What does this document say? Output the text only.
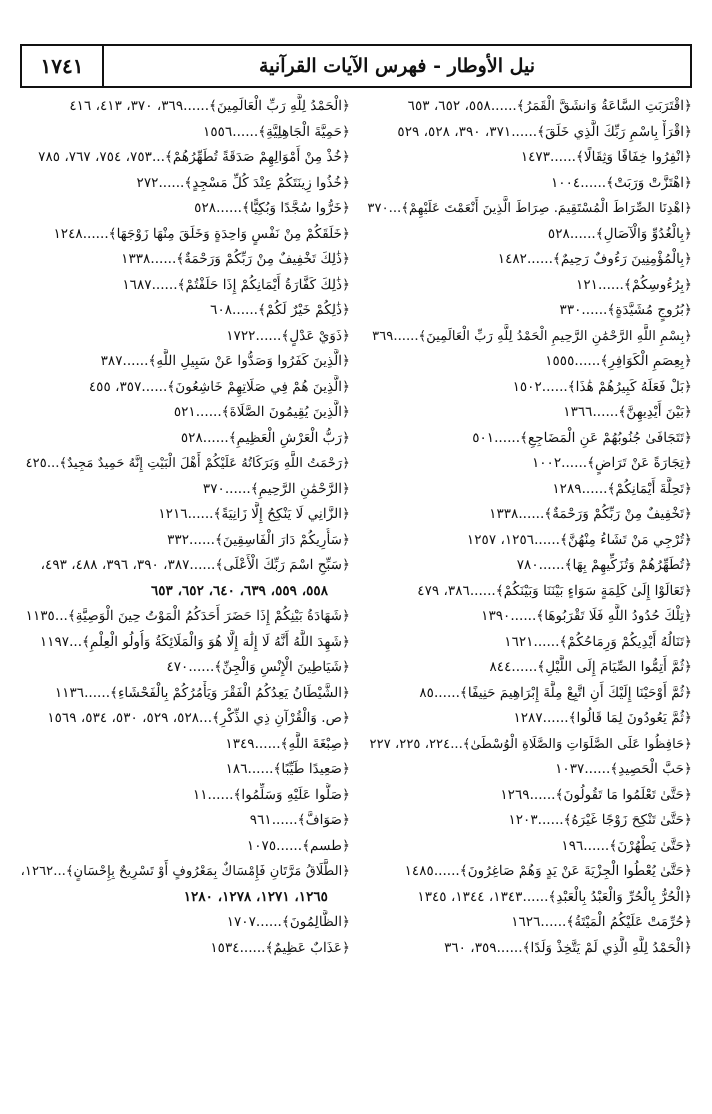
نيل الأوطار - فهرس الآيات القرآنية
١٧٤١
﴿اقْتَرَبَتِ السَّاعَةُ وَانشَقَّ الْقَمَرُ﴾......٥٥٨، ٦٥٢، ٦٥٣
﴿اقْرَأْ بِاسْمِ رَبِّكَ الَّذِي خَلَقَ﴾......٣٧١، ٣٩٠، ٥٢٨، ٥٢٩
﴿انْفِرُوا خِفَافًا وَثِقَالًا﴾......١٤٧٣
﴿اهْتَزَّتْ وَرَبَتْ﴾......١٠٠٤
﴿اهْدِنَا الصِّرَاطَ الْمُسْتَقِيمَ. صِرَاطَ الَّذِينَ أَنْعَمْتَ عَلَيْهِمْ﴾...٣٧٠
﴿بِالْغُدُوِّ وَالْآصَالِ﴾......٥٢٨
﴿بِالْمُؤْمِنِينَ رَءُوفٌ رَحِيمٌ﴾......١٤٨٢
﴿بِرُءُوسِكُمْ﴾......١٢١
﴿بُرُوجٍ مُشَيَّدَةٍ﴾......٣٣٠
﴿بِسْمِ اللَّهِ الرَّحْمَٰنِ الرَّحِيمِ الْحَمْدُ لِلَّهِ رَبِّ الْعَالَمِينَ﴾......٣٦٩
﴿بِعِصَمِ الْكَوَافِرِ﴾......١٥٥٥
﴿بَلْ فَعَلَهُ كَبِيرُهُمْ هَٰذَا﴾......١٥٠٢
﴿بَيْنَ أَيْدِيهِنَّ﴾......١٣٦٦
﴿تَتَجَافَىٰ جُنُوبُهُمْ عَنِ الْمَضَاجِعِ﴾......٥٠١
﴿تِجَارَةً عَنْ تَرَاضٍ﴾......١٠٠٢
﴿تَحِلَّةَ أَيْمَانِكُمْ﴾......١٢٨٩
﴿تَخْفِيفٌ مِنْ رَبِّكُمْ وَرَحْمَةٌ﴾......١٣٣٨
﴿تُرْجِي مَنْ تَشَاءُ مِنْهُنَّ﴾......١٢٥٦، ١٢٥٧
﴿تُطَهِّرُهُمْ وَتُزَكِّيهِمْ بِهَا﴾......٧٨٠
﴿تَعَالَوْا إِلَىٰ كَلِمَةٍ سَوَاءٍ بَيْنَنَا وَبَيْنَكُمْ﴾......٣٨٦، ٤٧٩
﴿تِلْكَ حُدُودُ اللَّهِ فَلَا تَقْرَبُوهَا﴾......١٣٩٠
﴿تَنَالُهُ أَيْدِيكُمْ وَرِمَاحُكُمْ﴾......١٦٢١
﴿ثُمَّ أَتِمُّوا الصِّيَامَ إِلَى اللَّيْلِ﴾......٨٤٤
﴿ثُمَّ أَوْحَيْنَا إِلَيْكَ أَنِ اتَّبِعْ مِلَّةَ إِبْرَاهِيمَ حَنِيفًا﴾......٨٥
﴿ثُمَّ يَعُودُونَ لِمَا قَالُوا﴾......١٢٨٧
﴿حَافِظُوا عَلَى الصَّلَوَاتِ وَالصَّلَاةِ الْوُسْطَىٰ﴾...٢٢٤، ٢٢٥، ٢٢٧
﴿حَبَّ الْحَصِيدِ﴾......١٠٣٧
﴿حَتَّىٰ تَعْلَمُوا مَا تَقُولُونَ﴾......١٢٦٩
﴿حَتَّىٰ تَنْكِحَ زَوْجًا غَيْرَهُ﴾......١٢٠٣
﴿حَتَّىٰ يَطْهُرْنَ﴾......١٩٦
﴿حَتَّىٰ يُعْطُوا الْجِزْيَةَ عَنْ يَدٍ وَهُمْ صَاغِرُونَ﴾......١٤٨٥
﴿الْحُرُّ بِالْحُرِّ وَالْعَبْدُ بِالْعَبْدِ﴾......١٣٤٣، ١٣٤٤، ١٣٤٥
﴿حُرِّمَتْ عَلَيْكُمُ الْمَيْتَةُ﴾......١٦٢٦
﴿الْحَمْدُ لِلَّهِ الَّذِي لَمْ يَتَّخِذْ وَلَدًا﴾......٣٥٩، ٣٦٠
﴿الْحَمْدُ لِلَّهِ رَبِّ الْعَالَمِينَ﴾......٣٦٩، ٣٧٠، ٤١٣، ٤١٦
﴿حَمِيَّةَ الْجَاهِلِيَّةِ﴾......١٥٥٦
﴿خُذْ مِنْ أَمْوَالِهِمْ صَدَقَةً تُطَهِّرُهُمْ﴾...٧٥٣، ٧٥٤، ٧٦٧، ٧٨٥
﴿خُذُوا زِينَتَكُمْ عِنْدَ كُلِّ مَسْجِدٍ﴾......٢٧٢
﴿خَرُّوا سُجَّدًا وَبُكِيًّا﴾......٥٢٨
﴿خَلَقَكُمْ مِنْ نَفْسٍ وَاحِدَةٍ وَخَلَقَ مِنْهَا زَوْجَهَا﴾......١٢٤٨
﴿ذَٰلِكَ تَخْفِيفٌ مِنْ رَبِّكُمْ وَرَحْمَةٌ﴾......١٣٣٨
﴿ذَٰلِكَ كَفَّارَةُ أَيْمَانِكُمْ إِذَا حَلَفْتُمْ﴾......١٦٨٧
﴿ذَٰلِكُمْ خَيْرٌ لَكُمْ﴾......٦٠٨
﴿ذَوَيْ عَدْلٍ﴾......١٧٢٢
﴿الَّذِينَ كَفَرُوا وَصَدُّوا عَنْ سَبِيلِ اللَّهِ﴾......٣٨٧
﴿الَّذِينَ هُمْ فِي صَلَاتِهِمْ خَاشِعُونَ﴾......٣٥٧، ٤٥٥
﴿الَّذِينَ يُقِيمُونَ الصَّلَاةَ﴾......٥٢١
﴿رَبُّ الْعَرْشِ الْعَظِيمِ﴾......٥٢٨
﴿رَحْمَتُ اللَّهِ وَبَرَكَاتُهُ عَلَيْكُمْ أَهْلَ الْبَيْتِ إِنَّهُ حَمِيدٌ مَجِيدٌ﴾...٤٢٥
﴿الرَّحْمَٰنِ الرَّحِيمِ﴾......٣٧٠
﴿الزَّانِي لَا يَنْكِحُ إِلَّا زَانِيَةً﴾......١٢١٦
﴿سَأُرِيكُمْ دَارَ الْفَاسِقِينَ﴾......٣٣٢
﴿سَبِّحِ اسْمَ رَبِّكَ الْأَعْلَى﴾......٣٨٧، ٣٩٠، ٣٩٦، ٤٨٨، ٤٩٣،
٥٥٨، ٥٥٩، ٦٣٩، ٦٤٠، ٦٥٢، ٦٥٣
﴿شَهَادَةُ بَيْنِكُمْ إِذَا حَضَرَ أَحَدَكُمُ الْمَوْتُ حِينَ الْوَصِيَّةِ﴾...١١٣٥
﴿شَهِدَ اللَّهُ أَنَّهُ لَا إِلَٰهَ إِلَّا هُوَ وَالْمَلَائِكَةُ وَأُولُو الْعِلْمِ﴾...١١٩٧
﴿شَيَاطِينَ الْإِنْسِ وَالْجِنِّ﴾......٤٧٠
﴿الشَّيْطَانُ يَعِدُكُمُ الْفَقْرَ وَيَأْمُرُكُمْ بِالْفَحْشَاءِ﴾......١١٣٦
﴿ص. وَالْقُرْآنِ ذِي الذِّكْرِ﴾...٥٢٨، ٥٢٩، ٥٣٠، ٥٣٤، ١٥٦٩
﴿صِبْغَةَ اللَّهِ﴾......١٣٤٩
﴿صَعِيدًا طَيِّبًا﴾......١٨٦
﴿صَلُّوا عَلَيْهِ وَسَلِّمُوا﴾......١١
﴿صَوَافَّ﴾......٩٦١
﴿طسم﴾......١٠٧٥
﴿الطَّلَاقُ مَرَّتَانِ فَإِمْسَاكٌ بِمَعْرُوفٍ أَوْ تَسْرِيحٌ بِإِحْسَانٍ﴾...١٢٦٢،
١٢٦٥، ١٢٧١، ١٢٧٨، ١٢٨٠
﴿الظَّالِمُونَ﴾......١٧٠٧
﴿عَذَابٌ عَظِيمٌ﴾......١٥٣٤
